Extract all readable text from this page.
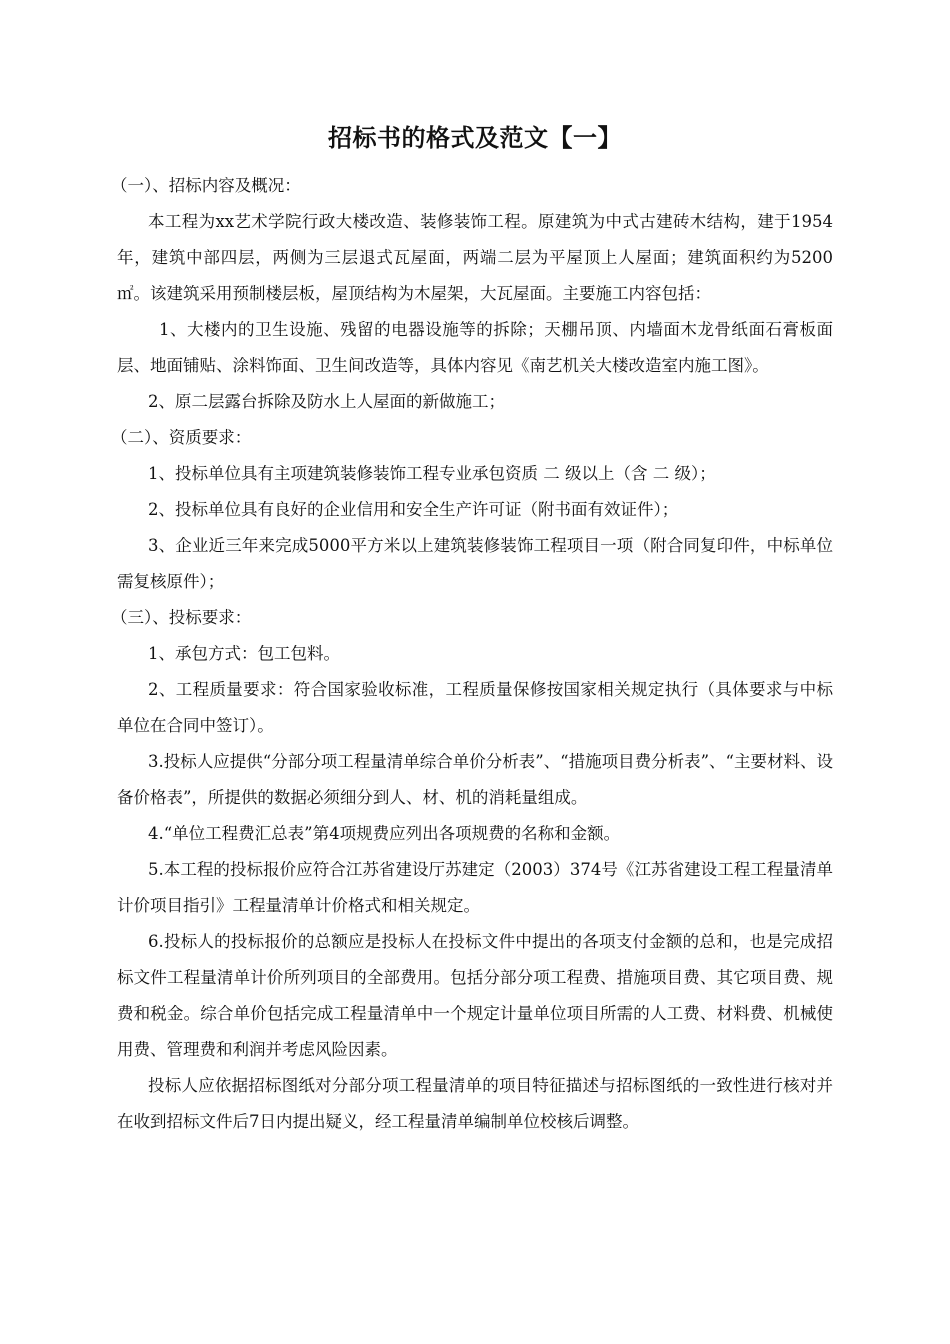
招标书的格式及范文【一】

（一）、招标内容及概况：

本工程为xx艺术学院行政大楼改造、装修装饰工程。原建筑为中式古建砖木结构，建于1954年，建筑中部四层，两侧为三层退式瓦屋面，两端二层为平屋顶上人屋面；建筑面积约为5200㎡。该建筑采用预制楼层板，屋顶结构为木屋架，大瓦屋面。主要施工内容包括：

1、大楼内的卫生设施、残留的电器设施等的拆除；天棚吊顶、内墙面木龙骨纸面石膏板面层、地面铺贴、涂料饰面、卫生间改造等，具体内容见《南艺机关大楼改造室内施工图》。

2、原二层露台拆除及防水上人屋面的新做施工；

（二）、资质要求：

1、投标单位具有主项建筑装修装饰工程专业承包资质 二 级以上（含 二 级）；

2、投标单位具有良好的企业信用和安全生产许可证（附书面有效证件）；

3、企业近三年来完成5000平方米以上建筑装修装饰工程项目一项（附合同复印件，中标单位需复核原件）；

（三）、投标要求：

1、承包方式：包工包料。

2、工程质量要求：符合国家验收标准，工程质量保修按国家相关规定执行（具体要求与中标单位在合同中签订）。

3.投标人应提供“分部分项工程量清单综合单价分析表”、“措施项目费分析表”、“主要材料、设备价格表”，所提供的数据必须细分到人、材、机的消耗量组成。

4.“单位工程费汇总表”第4项规费应列出各项规费的名称和金额。

5.本工程的投标报价应符合江苏省建设厅苏建定（2003）374号《江苏省建设工程工程量清单计价项目指引》工程量清单计价格式和相关规定。

6.投标人的投标报价的总额应是投标人在投标文件中提出的各项支付金额的总和，也是完成招标文件工程量清单计价所列项目的全部费用。包括分部分项工程费、措施项目费、其它项目费、规费和税金。综合单价包括完成工程量清单中一个规定计量单位项目所需的人工费、材料费、机械使用费、管理费和利润并考虑风险因素。

投标人应依据招标图纸对分部分项工程量清单的项目特征描述与招标图纸的一致性进行核对并在收到招标文件后7日内提出疑义，经工程量清单编制单位校核后调整。
